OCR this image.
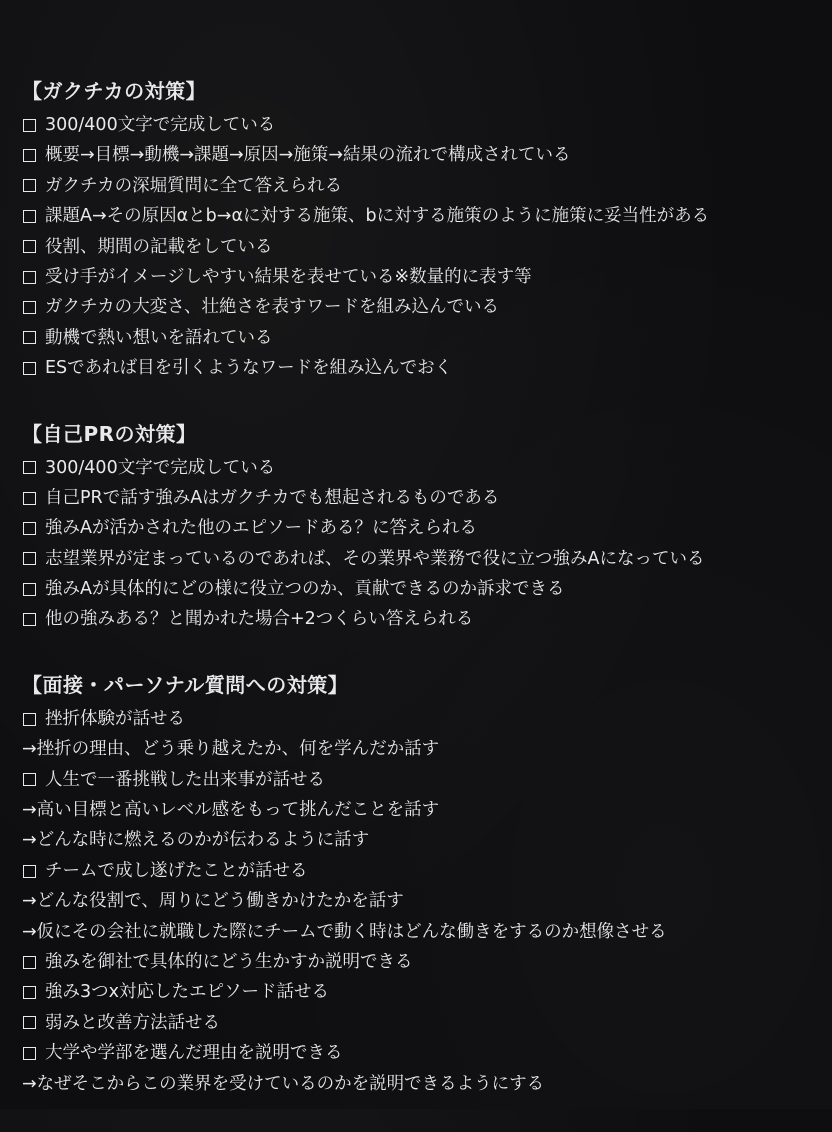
【ガクチカの対策】
300/400文字で完成している
概要→目標→動機→課題→原因→施策→結果の流れで構成されている
ガクチカの深堀質問に全て答えられる
課題A→その原因αとb→αに対する施策、bに対する施策のように施策に妥当性がある
役割、期間の記載をしている
受け手がイメージしやすい結果を表せている※数量的に表す等
ガクチカの大変さ、壮絶さを表すワードを組み込んでいる
動機で熱い想いを語れている
ESであれば目を引くようなワードを組み込んでおく
【自己PRの対策】
300/400文字で完成している
自己PRで話す強みAはガクチカでも想起されるものである
強みAが活かされた他のエピソードある？に答えられる
志望業界が定まっているのであれば、その業界や業務で役に立つ強みAになっている
強みAが具体的にどの様に役立つのか、貢献できるのか訴求できる
他の強みある？と聞かれた場合+2つくらい答えられる
【面接・パーソナル質問への対策】
挫折体験が話せる
→挫折の理由、どう乗り越えたか、何を学んだか話す
人生で一番挑戦した出来事が話せる
→高い目標と高いレベル感をもって挑んだことを話す
→どんな時に燃えるのかが伝わるように話す
チームで成し遂げたことが話せる
→どんな役割で、周りにどう働きかけたかを話す
→仮にその会社に就職した際にチームで動く時はどんな働きをするのか想像させる
強みを御社で具体的にどう生かすか説明できる
強み3つx対応したエピソード話せる
弱みと改善方法話せる
大学や学部を選んだ理由を説明できる
→なぜそこからこの業界を受けているのかを説明できるようにする
